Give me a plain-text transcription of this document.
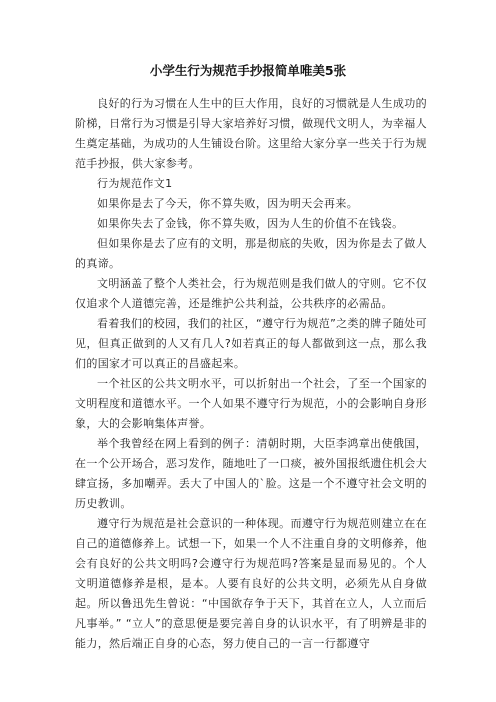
小学生行为规范手抄报简单唯美5张

良好的行为习惯在人生中的巨大作用，良好的习惯就是人生成功的阶梯，日常行为习惯是引导大家培养好习惯，做现代文明人，为幸福人生奠定基础，为成功的人生铺设台阶。这里给大家分享一些关于行为规范手抄报，供大家参考。

行为规范作文1

如果你是去了今天，你不算失败，因为明天会再来。

如果你失去了金钱，你不算失败，因为人生的价值不在钱袋。

但如果你是去了应有的文明，那是彻底的失败，因为你是去了做人的真谛。

文明涵盖了整个人类社会，行为规范则是我们做人的守则。它不仅仅追求个人道德完善，还是维护公共利益，公共秩序的必需品。

看着我们的校园，我们的社区，“遵守行为规范”之类的牌子随处可见，但真正做到的人又有几人?如若真正的每人都做到这一点，那么我们的国家才可以真正的昌盛起来。

一个社区的公共文明水平，可以折射出一个社会，了至一个国家的文明程度和道德水平。一个人如果不遵守行为规范，小的会影响自身形象，大的会影响集体声誉。

举个我曾经在网上看到的例子：清朝时期，大臣李鸿章出使俄国，在一个公开场合，恶习发作，随地吐了一口痰，被外国报纸遗住机会大肆宣扬，多加嘲弄。丢大了中国人的`脸。这是一个不遵守社会文明的历史教训。

遵守行为规范是社会意识的一种体现。而遵守行为规范则建立在在自己的道德修养上。试想一下，如果一个人不注重自身的文明修养，他会有良好的公共文明吗?会遵守行为规范吗?答案是显而易见的。个人文明道德修养是根，是本。人要有良好的公共文明，必须先从自身做起。所以鲁迅先生曾说：“中国欲存争于天下，其首在立人，人立而后凡事举。” “立人”的意思便是要完善自身的认识水平，有了明辨是非的能力，然后端正自身的心态，努力使自己的一言一行都遵守
